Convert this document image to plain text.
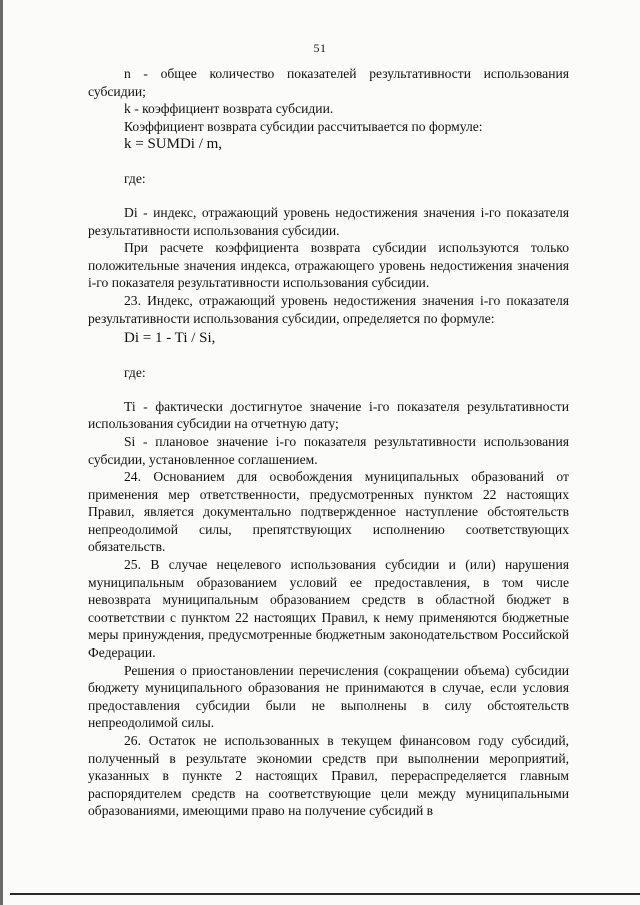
51

n - общее количество показателей результативности использования субсидии;

k - коэффициент возврата субсидии.

Коэффициент возврата субсидии рассчитывается по формуле:

k = SUMDi / m,

где:

Di - индекс, отражающий уровень недостижения значения i-го показателя результативности использования субсидии.

При расчете коэффициента возврата субсидии используются только положительные значения индекса, отражающего уровень недостижения значения i-го показателя результативности использования субсидии.

23. Индекс, отражающий уровень недостижения значения i-го показателя результативности использования субсидии, определяется по формуле:

Di = 1 - Ti / Si,

где:

Ti - фактически достигнутое значение i-го показателя результативности использования субсидии на отчетную дату;

Si - плановое значение i-го показателя результативности использования субсидии, установленное соглашением.

24. Основанием для освобождения муниципальных образований от применения мер ответственности, предусмотренных пунктом 22 настоящих Правил, является документально подтвержденное наступление обстоятельств непреодолимой силы, препятствующих исполнению соответствующих обязательств.

25. В случае нецелевого использования субсидии и (или) нарушения муниципальным образованием условий ее предоставления, в том числе невозврата муниципальным образованием средств в областной бюджет в соответствии с пунктом 22 настоящих Правил, к нему применяются бюджетные меры принуждения, предусмотренные бюджетным законодательством Российской Федерации.

Решения о приостановлении перечисления (сокращении объема) субсидии бюджету муниципального образования не принимаются в случае, если условия предоставления субсидии были не выполнены в силу обстоятельств непреодолимой силы.

26. Остаток не использованных в текущем финансовом году субсидий, полученный в результате экономии средств при выполнении мероприятий, указанных в пункте 2 настоящих Правил, перераспределяется главным распорядителем средств на соответствующие цели между муниципальными образованиями, имеющими право на получение субсидий в
